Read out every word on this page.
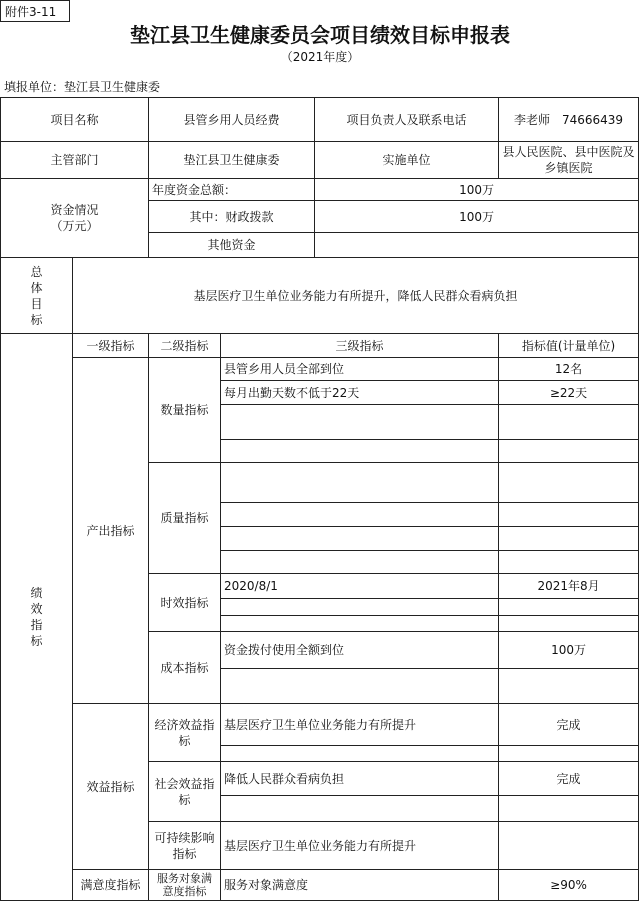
附件3-11
垫江县卫生健康委员会项目绩效目标申报表
（2021年度）
填报单位：垫江县卫生健康委
项目名称		县管乡用人员经费		项目负责人及联系电话	李老师　74666439
主管部门		垫江县卫生健康委		实施单位	县人民医院、县中医院及乡镇医院

资金情况
（万元）		年度资金总额：		100万	
		其中：财政拨款		100万	
		其他资金			

总体目标	基层医疗卫生单位业务能力有所提升，降低人民群众看病负担				

绩效指标	一级指标	二级指标	三级指标		指标值(计量单位)
	产出指标	数量指标	县管乡用人员全部到位		12名
			每月出勤天数不低于22天		≥22天

		质量指标			

		时效指标	2020/8/1		2021年8月

		成本指标	资金拨付使用全额到位		100万

	效益指标	经济效益指标	基层医疗卫生单位业务能力有所提升		完成

		社会效益指标	降低人民群众看病负担		完成

		可持续影响指标	基层医疗卫生单位业务能力有所提升		
	满意度指标	服务对象满意度指标	服务对象满意度		≥90%
